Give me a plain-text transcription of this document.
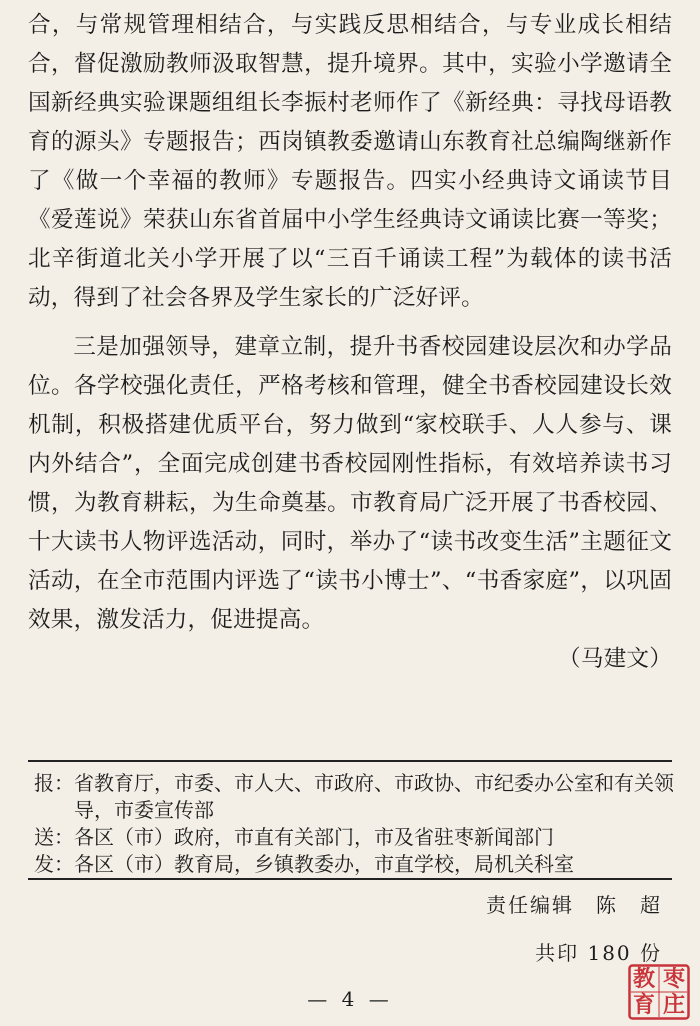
合，与常规管理相结合，与实践反思相结合，与专业成长相结合，督促激励教师汲取智慧，提升境界。其中，实验小学邀请全国新经典实验课题组组长李振村老师作了《新经典：寻找母语教育的源头》专题报告；西岗镇教委邀请山东教育社总编陶继新作了《做一个幸福的教师》专题报告。四实小经典诗文诵读节目《爱莲说》荣获山东省首届中小学生经典诗文诵读比赛一等奖；北辛街道北关小学开展了以“三百千诵读工程”为载体的读书活动，得到了社会各界及学生家长的广泛好评。

三是加强领导，建章立制，提升书香校园建设层次和办学品位。各学校强化责任，严格考核和管理，健全书香校园建设长效机制，积极搭建优质平台，努力做到“家校联手、人人参与、课内外结合”，全面完成创建书香校园刚性指标，有效培养读书习惯，为教育耕耘，为生命奠基。市教育局广泛开展了书香校园、十大读书人物评选活动，同时，举办了“读书改变生活”主题征文活动，在全市范围内评选了“读书小博士”、“书香家庭”，以巩固效果，激发活力，促进提高。

（马建文）

报： 省教育厅，市委、市人大、市政府、市政协、市纪委办公室和有关领导，市委宣传部
送： 各区（市）政府，市直有关部门，市及省驻枣新闻部门
发： 各区（市）教育局，乡镇教委办，市直学校，局机关科室
责任编辑　陈　超
共印 180 份
— 4 —
枣
庄
教
育
